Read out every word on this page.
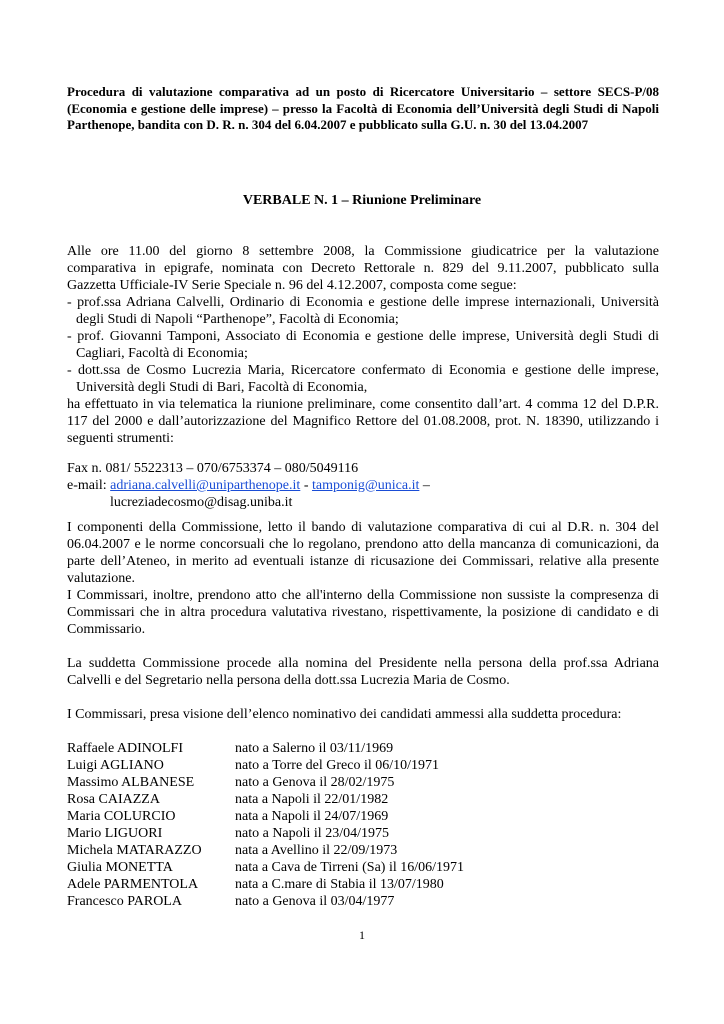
Procedura di valutazione comparativa ad un posto di Ricercatore Universitario – settore SECS-P/08
(Economia e gestione delle imprese) – presso la Facoltà di Economia dell’Università degli Studi di Napoli
Parthenope, bandita con D. R. n. 304 del 6.04.2007 e pubblicato sulla G.U. n. 30 del 13.04.2007
VERBALE N. 1 – Riunione Preliminare
Alle ore 11.00 del giorno 8 settembre 2008, la Commissione giudicatrice per la valutazione
comparativa in epigrafe, nominata con Decreto Rettorale n. 829 del 9.11.2007, pubblicato sulla
Gazzetta Ufficiale-IV Serie Speciale n. 96 del 4.12.2007, composta come segue:
- prof.ssa Adriana Calvelli, Ordinario di Economia e gestione delle imprese internazionali, Università
degli Studi di Napoli “Parthenope”, Facoltà di Economia;
- prof. Giovanni Tamponi, Associato di Economia e gestione delle imprese, Università degli Studi di
Cagliari, Facoltà di Economia;
- dott.ssa de Cosmo Lucrezia Maria, Ricercatore confermato di Economia e gestione delle imprese,
Università degli Studi di Bari, Facoltà di Economia,
ha effettuato in via telematica la riunione preliminare, come consentito dall’art. 4 comma 12 del D.P.R.
117 del 2000 e dall’autorizzazione del Magnifico Rettore del 01.08.2008, prot. N. 18390, utilizzando i
seguenti strumenti:
Fax n. 081/ 5522313 – 070/6753374 – 080/5049116
e-mail: adriana.calvelli@uniparthenope.it - tamponig@unica.it –
lucreziadecosmo@disag.uniba.it
I componenti della Commissione, letto il bando di valutazione comparativa di cui al D.R. n. 304 del
06.04.2007 e le norme concorsuali che lo regolano, prendono atto della mancanza di comunicazioni, da
parte dell’Ateneo, in merito ad eventuali istanze di ricusazione dei Commissari, relative alla presente
valutazione.
I Commissari, inoltre, prendono atto che all'interno della Commissione non sussiste la compresenza di
Commissari che in altra procedura valutativa rivestano, rispettivamente, la posizione di candidato e di
Commissario.
La suddetta Commissione procede alla nomina del Presidente nella persona della prof.ssa Adriana
Calvelli e del Segretario nella persona della dott.ssa Lucrezia Maria de Cosmo.
I Commissari, presa visione dell’elenco nominativo dei candidati ammessi alla suddetta procedura:
Raffaele ADINOLFI	nato a Salerno il 03/11/1969
Luigi AGLIANO	nato a Torre del Greco il 06/10/1971
Massimo ALBANESE	nato a Genova il 28/02/1975
Rosa CAIAZZA	nata a Napoli il 22/01/1982
Maria COLURCIO	nata a Napoli il 24/07/1969
Mario LIGUORI	nato a Napoli il 23/04/1975
Michela MATARAZZO	nata a Avellino il 22/09/1973
Giulia MONETTA	nata a Cava de Tirreni (Sa) il 16/06/1971
Adele PARMENTOLA	nata a C.mare di Stabia il 13/07/1980
Francesco PAROLA	nato a Genova il 03/04/1977
1
